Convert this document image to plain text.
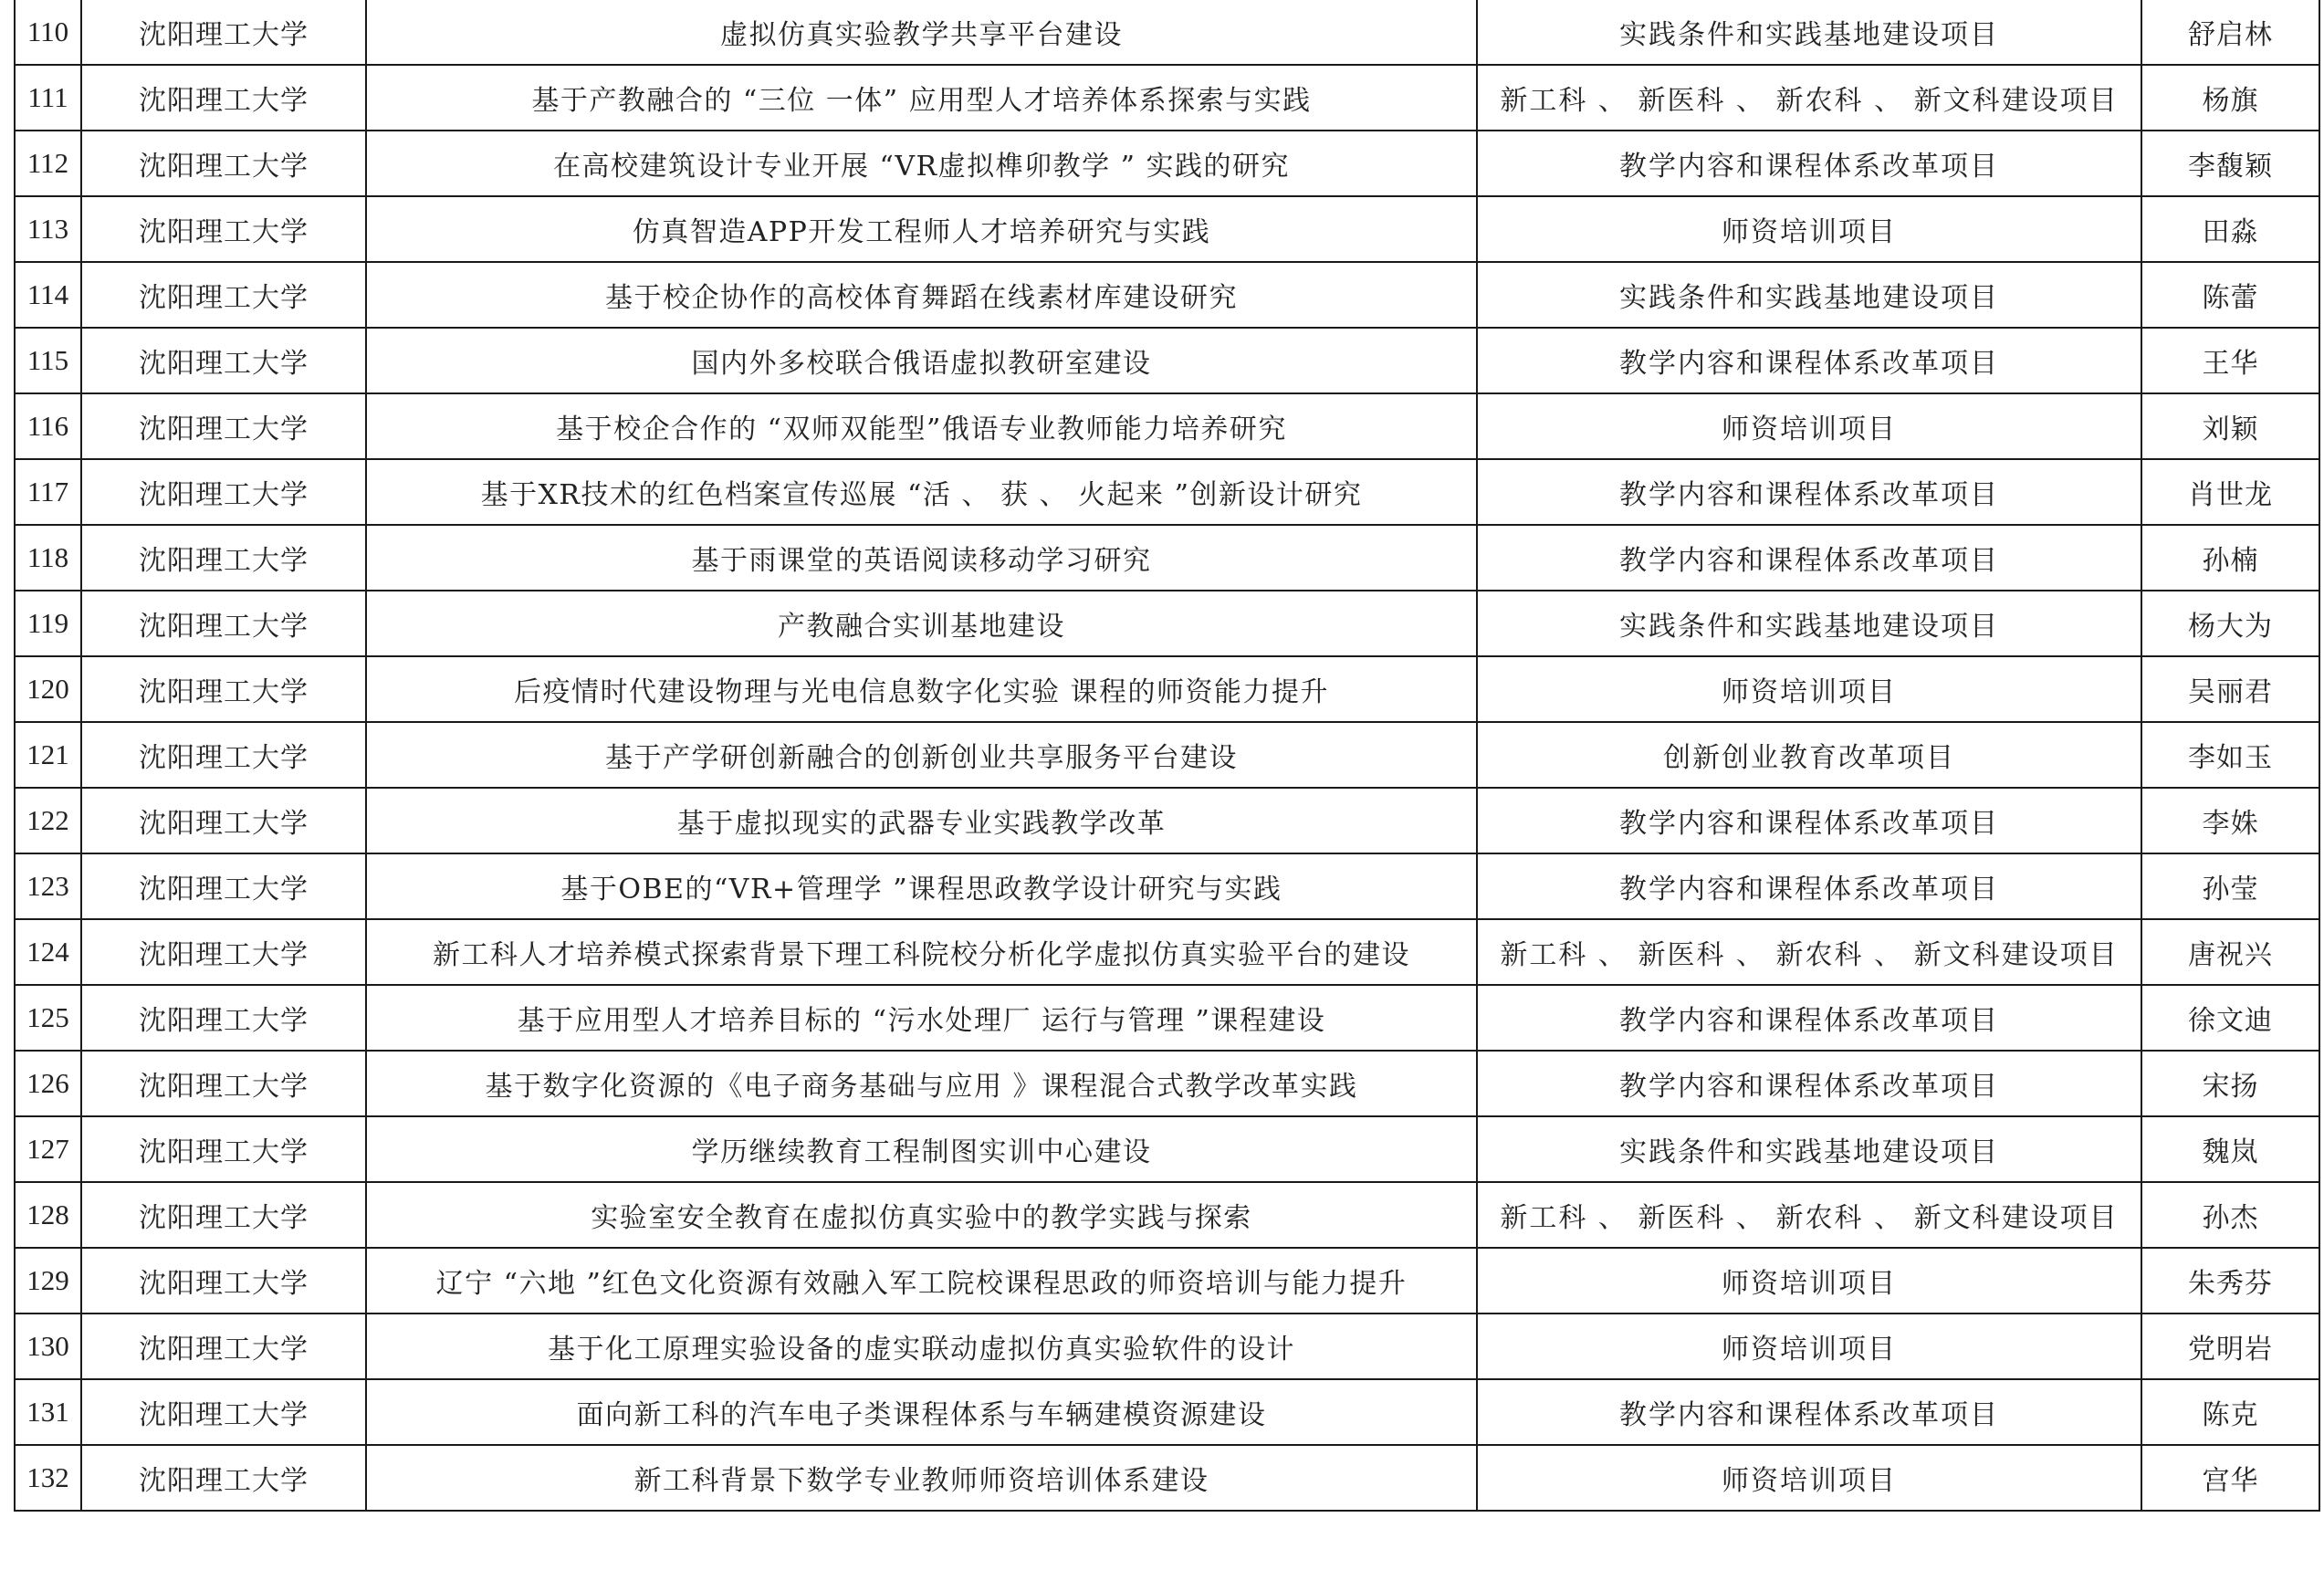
110	沈阳理工大学	虚拟仿真实验教学共享平台建设	实践条件和实践基地建设项目	舒启林
111	沈阳理工大学	基于产教融合的 “三位 一体” 应用型人才培养体系探索与实践	新工科 、 新医科 、 新农科 、 新文科建设项目	杨旗
112	沈阳理工大学	在高校建筑设计专业开展 “VR虚拟榫卯教学 ” 实践的研究	教学内容和课程体系改革项目	李馥颖
113	沈阳理工大学	仿真智造APP开发工程师人才培养研究与实践	师资培训项目	田淼
114	沈阳理工大学	基于校企协作的高校体育舞蹈在线素材库建设研究	实践条件和实践基地建设项目	陈蕾
115	沈阳理工大学	国内外多校联合俄语虚拟教研室建设	教学内容和课程体系改革项目	王华
116	沈阳理工大学	基于校企合作的 “双师双能型”俄语专业教师能力培养研究	师资培训项目	刘颖
117	沈阳理工大学	基于XR技术的红色档案宣传巡展 “活 、 获 、 火起来 ”创新设计研究	教学内容和课程体系改革项目	肖世龙
118	沈阳理工大学	基于雨课堂的英语阅读移动学习研究	教学内容和课程体系改革项目	孙楠
119	沈阳理工大学	产教融合实训基地建设	实践条件和实践基地建设项目	杨大为
120	沈阳理工大学	后疫情时代建设物理与光电信息数字化实验 课程的师资能力提升	师资培训项目	吴丽君
121	沈阳理工大学	基于产学研创新融合的创新创业共享服务平台建设	创新创业教育改革项目	李如玉
122	沈阳理工大学	基于虚拟现实的武器专业实践教学改革	教学内容和课程体系改革项目	李姝
123	沈阳理工大学	基于OBE的“VR+管理学 ”课程思政教学设计研究与实践	教学内容和课程体系改革项目	孙莹
124	沈阳理工大学	新工科人才培养模式探索背景下理工科院校分析化学虚拟仿真实验平台的建设	新工科 、 新医科 、 新农科 、 新文科建设项目	唐祝兴
125	沈阳理工大学	基于应用型人才培养目标的 “污水处理厂 运行与管理 ”课程建设	教学内容和课程体系改革项目	徐文迪
126	沈阳理工大学	基于数字化资源的《电子商务基础与应用 》课程混合式教学改革实践	教学内容和课程体系改革项目	宋扬
127	沈阳理工大学	学历继续教育工程制图实训中心建设	实践条件和实践基地建设项目	魏岚
128	沈阳理工大学	实验室安全教育在虚拟仿真实验中的教学实践与探索	新工科 、 新医科 、 新农科 、 新文科建设项目	孙杰
129	沈阳理工大学	辽宁 “六地 ”红色文化资源有效融入军工院校课程思政的师资培训与能力提升	师资培训项目	朱秀芬
130	沈阳理工大学	基于化工原理实验设备的虚实联动虚拟仿真实验软件的设计	师资培训项目	党明岩
131	沈阳理工大学	面向新工科的汽车电子类课程体系与车辆建模资源建设	教学内容和课程体系改革项目	陈克
132	沈阳理工大学	新工科背景下数学专业教师师资培训体系建设	师资培训项目	宫华
